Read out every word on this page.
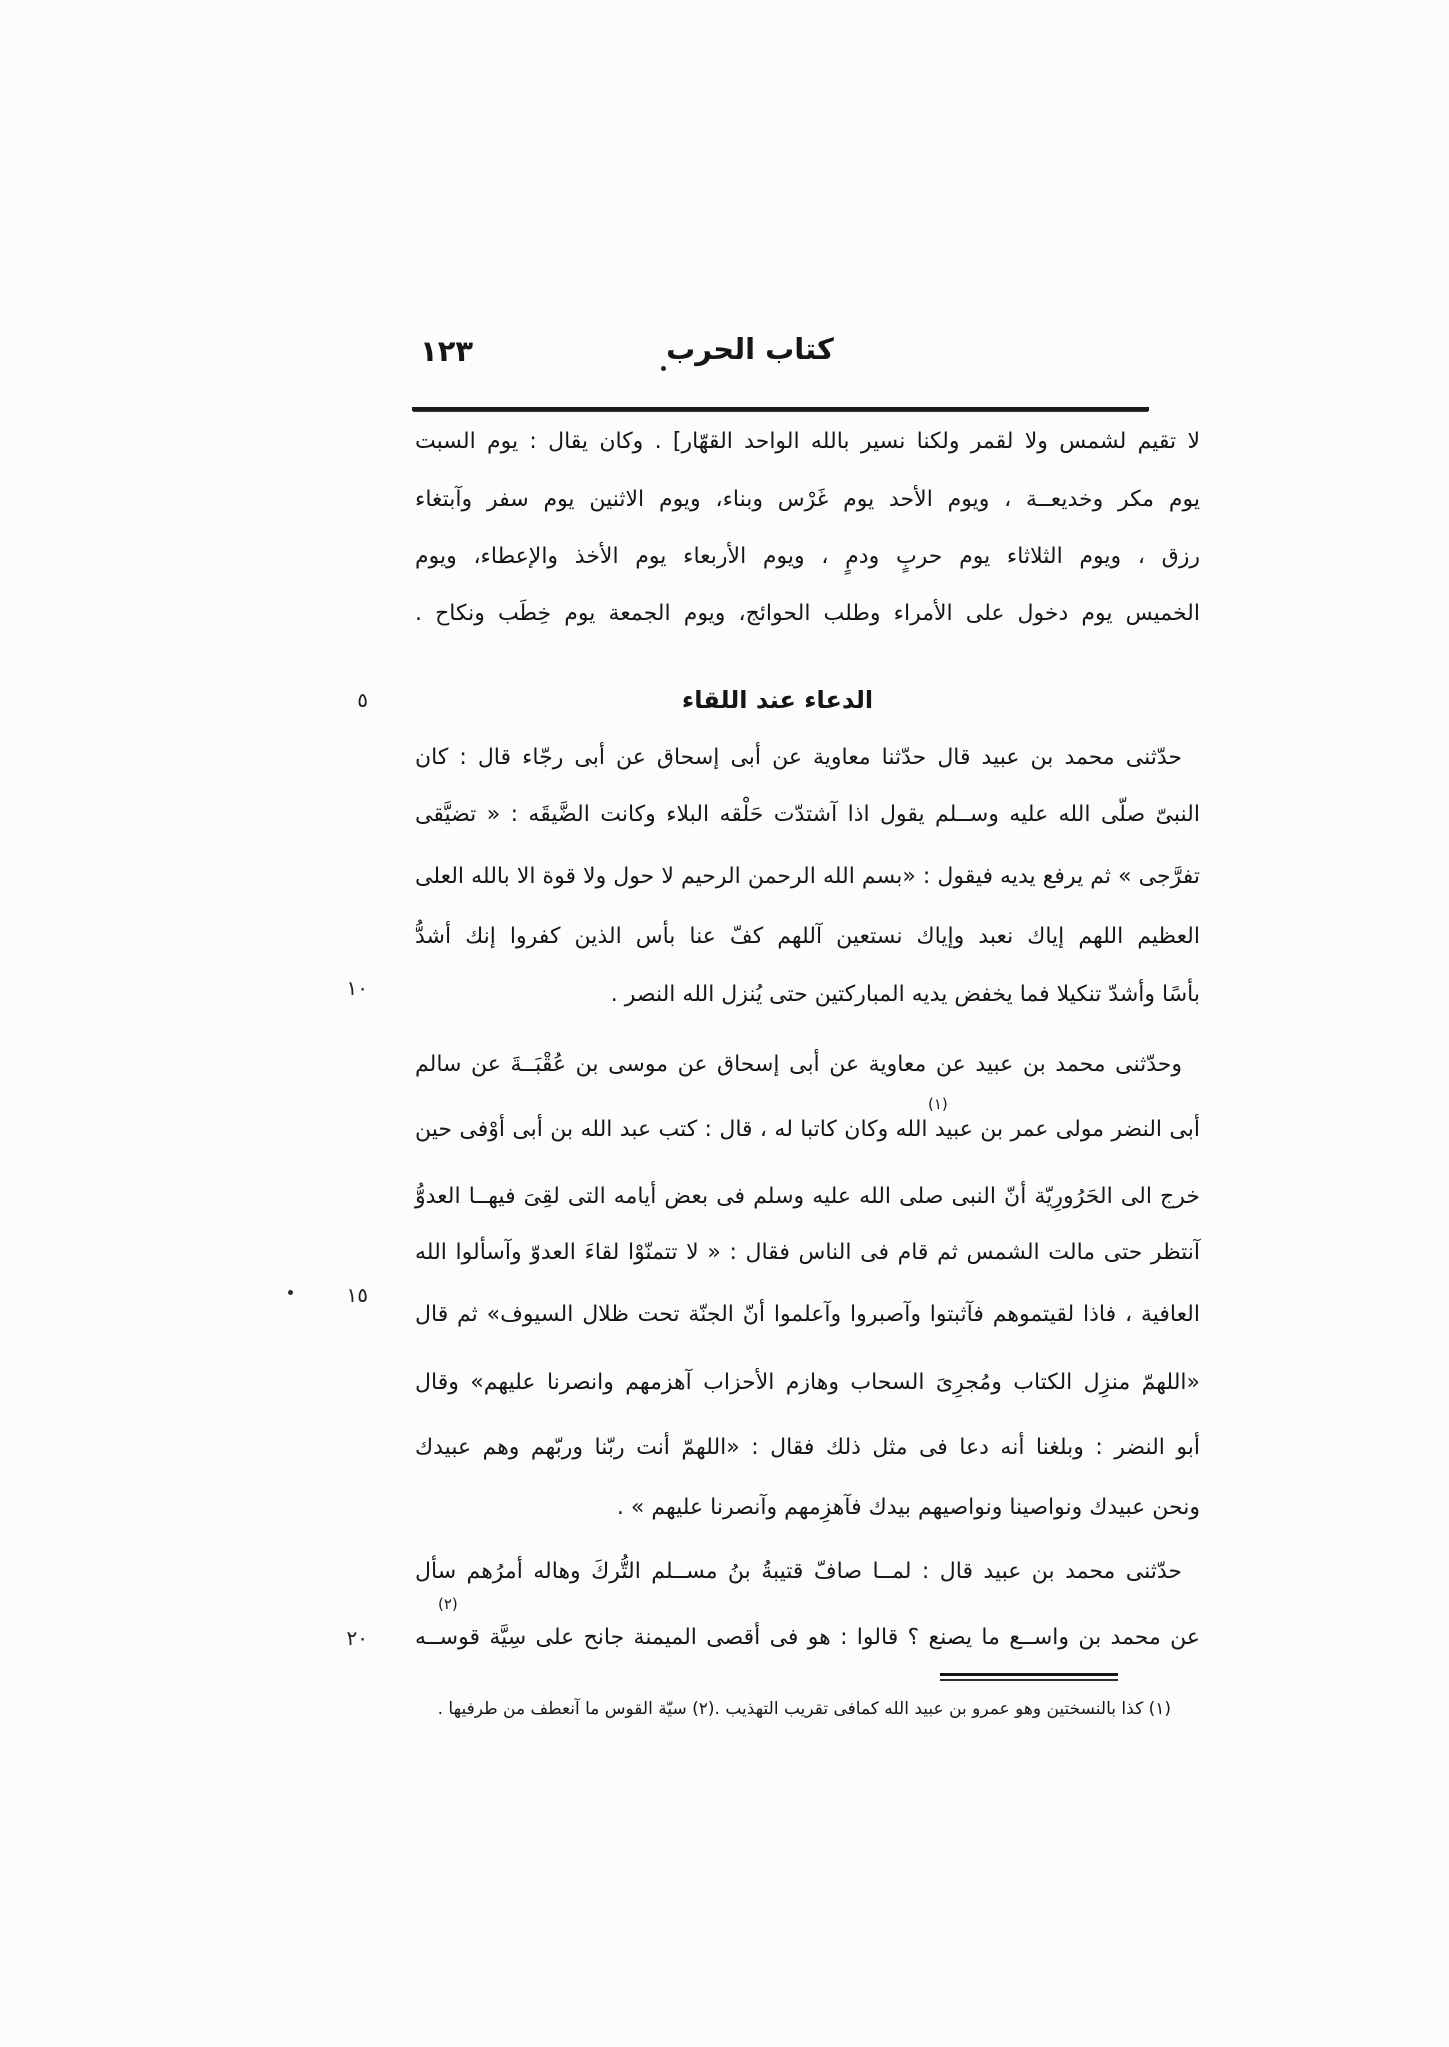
١٢٣	كتاب الحرب
٥
١٠
١٥
٢٠
لا تقيم لشمس ولا لقمر ولكنا نسير بالله الواحد القهّار] . وكان يقال : يوم السبت
يوم مكر وخديعــة ، ويوم الأحد يوم غَرْس وبناء، ويوم الاثنين يوم سفر وآبتغاء
رزق ، ويوم الثلاثاء يوم حربٍ ودمٍ ، ويوم الأربعاء يوم الأخذ والإعطاء، ويوم
الخميس يوم دخول على الأمراء وطلب الحوائج، ويوم الجمعة يوم خِطَب ونكاح .
الدعاء عند اللقاء
حدّثنى محمد بن عبيد قال حدّثنا معاوية عن أبى إسحاق عن أبى رجّاء قال : كان
النبىّ صلّى الله عليه وســلم يقول اذا آشتدّت حَلْقه البلاء وكانت الضَّيقَه : « تضيَّقى
تفرَّجى » ثم يرفع يديه فيقول : «بسم الله الرحمن الرحيم لا حول ولا قوة الا بالله العلى
العظيم اللهم إياك نعبد وإياك نستعين آللهم كفّ عنا بأس الذين كفروا إنك أشدُّ
بأسًا وأشدّ تنكيلا فما يخفض يديه المباركتين حتى يُنزل الله النصر .
وحدّثنى محمد بن عبيد عن معاوية عن أبى إسحاق عن موسى بن عُقْبَــةَ عن سالم
أبى النضر مولى عمر بن عبيد الله وكان كاتبا له ، قال : كتب عبد الله بن أبى أوْفى حين
خرج الى الحَرُورِيّة أنّ النبى صلى الله عليه وسلم فى بعض أيامه التى لقِىَ فيهــا العدوُّ
آنتظر حتى مالت الشمس ثم قام فى الناس فقال : « لا تتمنّوْا لقاءَ العدوّ وآسألوا الله
العافية ، فاذا لقيتموهم فآثبتوا وآصبروا وآعلموا أنّ الجنّة تحت ظلال السيوف» ثم قال
«اللهمّ منزِل الكتاب ومُجرِىَ السحاب وهازم الأحزاب آهزمهم وانصرنا عليهم» وقال
أبو النضر : وبلغنا أنه دعا فى مثل ذلك فقال : «اللهمّ أنت ربّنا وربّهم وهم عبيدك
ونحن عبيدك ونواصينا ونواصيهم بيدك فآهزِمهم وآنصرنا عليهم » .
حدّثنى محمد بن عبيد قال : لمــا صافّ قتيبةُ بنُ مســلم التُّركَ وهاله أمرُهم سأل
عن محمد بن واســع ما يصنع ؟ قالوا : هو فى أقصى الميمنة جانح على سِيَّة قوســه
(١)
(٢)
(١) كذا بالنسختين وهو عمرو بن عبيد الله كمافى تقريب التهذيب .
(٢) سيّة القوس ما آنعطف من طرفيها .
